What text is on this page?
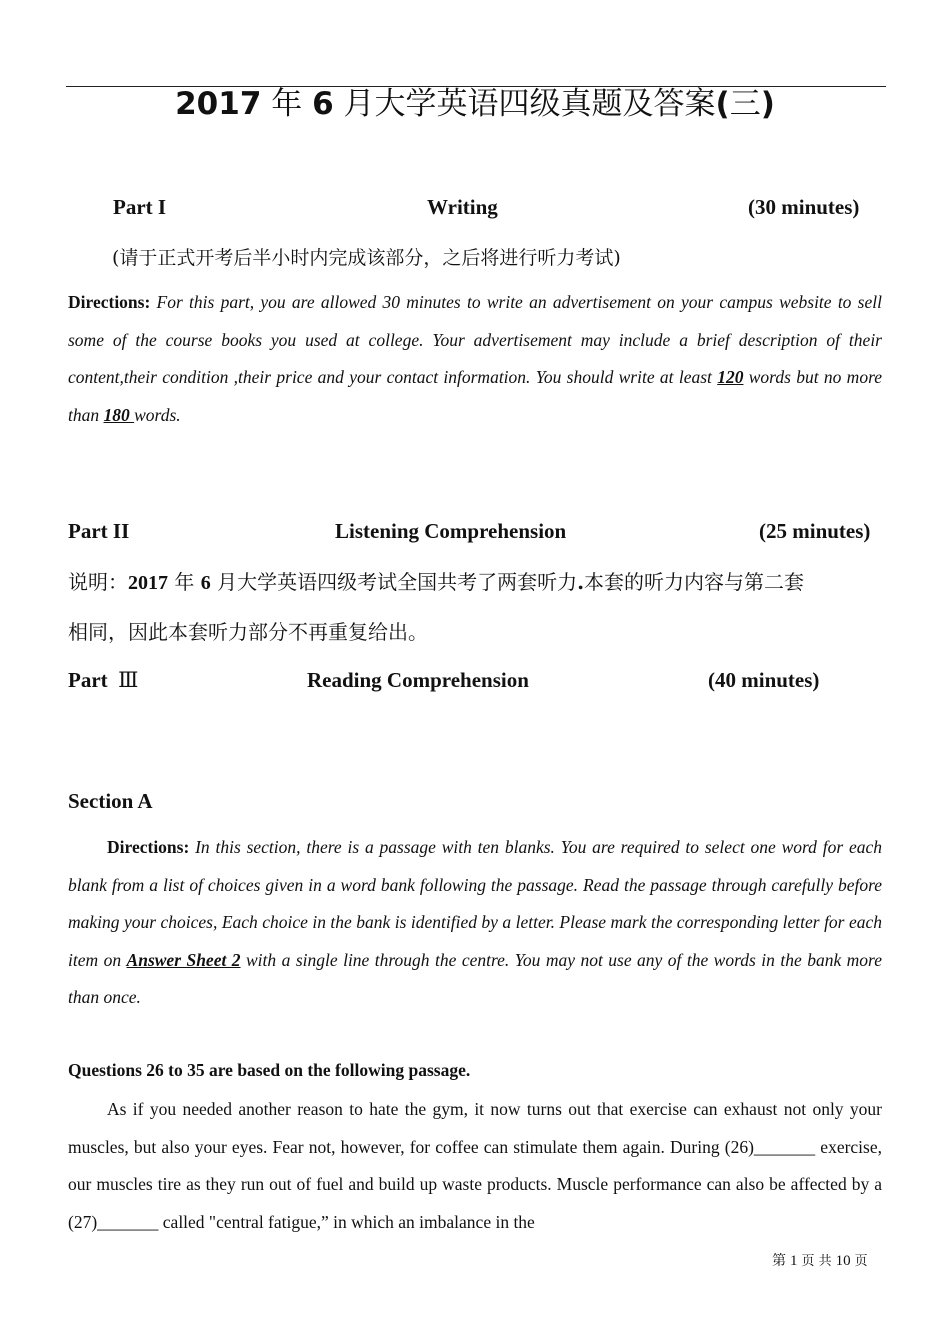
2017 年 6 月大学英语四级真题及答案(三)
Part I	Writing	(30 minutes)
(请于正式开考后半小时内完成该部分，之后将进行听力考试)
Directions: For this part, you are allowed 30 minutes to write an advertisement on your campus website to sell some of the course books you used at college. Your advertisement may include a brief description of their content,their condition ,their price and your contact information. You should write at least 120 words but no more than 180 words.
Part II	Listening Comprehension	(25 minutes)
说明：2017 年 6 月大学英语四级考试全国共考了两套听力.本套的听力内容与第二套
相同，因此本套听力部分不再重复给出。
Part Ⅲ	Reading Comprehension	(40 minutes)
Section A
Directions: In this section, there is a passage with ten blanks. You are required to select one word for each blank from a list of choices given in a word bank following the passage. Read the passage through carefully before making your choices, Each choice in the bank is identified by a letter. Please mark the corresponding letter for each item on Answer Sheet 2 with a single line through the centre. You may not use any of the words in the bank more than once.
Questions 26 to 35 are based on the following passage.
As if you needed another reason to hate the gym, it now turns out that exercise can exhaust not only your muscles, but also your eyes. Fear not, however, for coffee can stimulate them again. During (26)_______ exercise, our muscles tire as they run out of fuel and build up waste products. Muscle performance can also be affected by a (27)_______ called "central fatigue,” in which an imbalance in the
第 1 页 共 10 页
